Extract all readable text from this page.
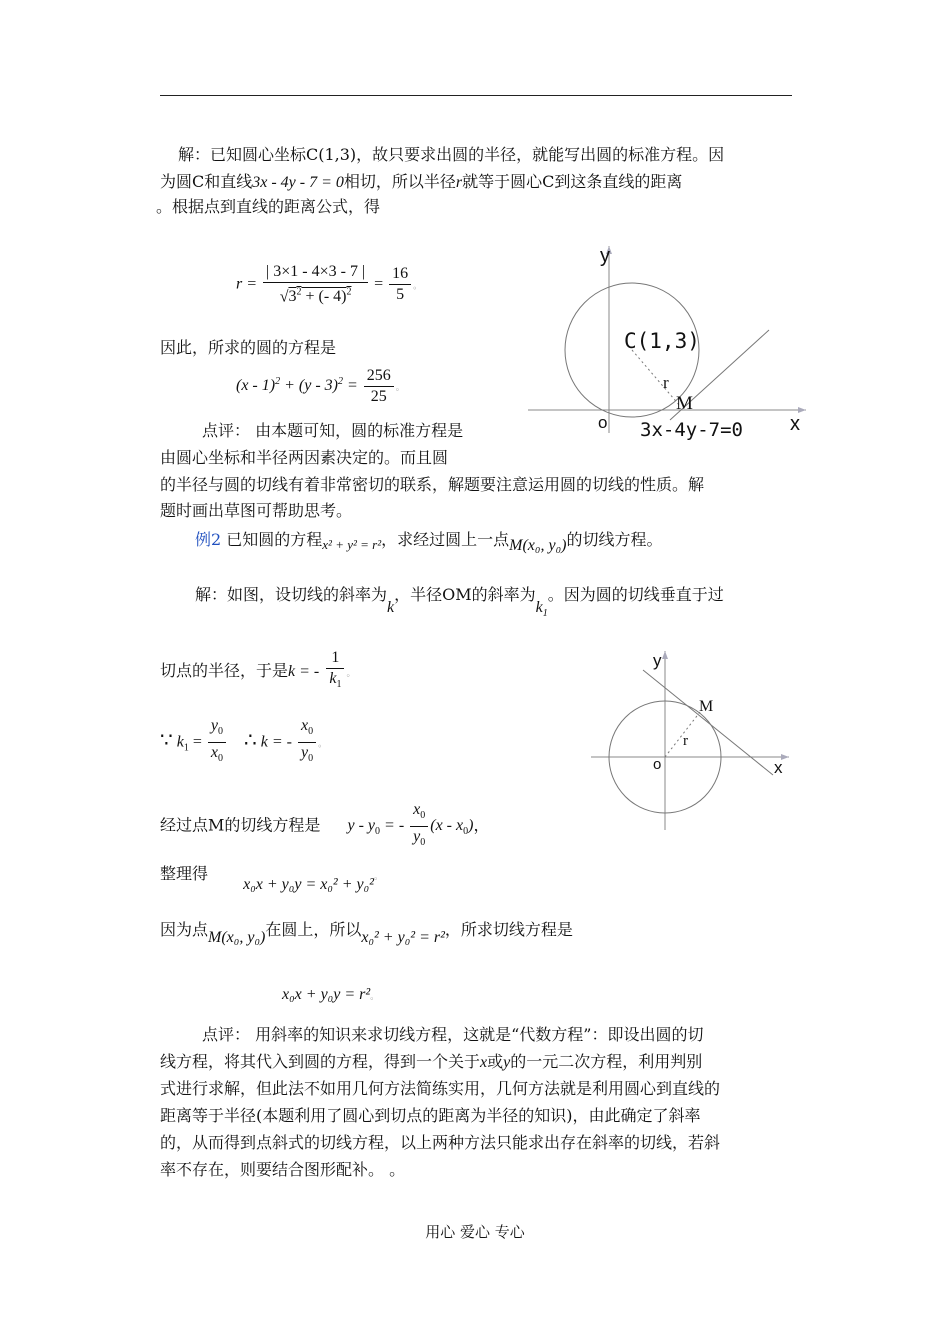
解：已知圆心坐标C(1,3)，故只要求出圆的半径，就能写出圆的标准方程。因
为圆C和直线3x - 4y - 7 = 0相切，所以半径r就等于圆心C到这条直线的距离
。根据点到直线的距离公式，得
$r = \frac{| 3\times 1 - 4\times 3 - 7 |}{√3^2 + (- 4)^2} = \frac{16}{5}$ 。
因此，所求的圆的方程是
$(x - 1)^2 + (y - 3)^2 = \frac{256}{25}$ 。
点评： 由本题可知，圆的标准方程是
由圆心坐标和半径两因素决定的。而且圆
的半径与圆的切线有着非常密切的联系，解题要注意运用圆的切线的性质。解
题时画出草图可帮助思考。
y
x
o
C(1,3)
r
M
3x-4y-7=0
例2 已知圆的方程$_{x^2 + y^2 = r^2}$，求经过圆上一点M(x₀, y₀)的切线方程。
解：如图，设切线的斜率为k，半径OM的斜率为$k_1$。因为圆的切线垂直于过
切点的半径，于是k = - $\frac{1}{k_1}$ 。
∵ $k_1 = \frac{y_0}{x_0}$ ∴ k = - $\frac{x_0}{y_0}$ 。
经过点M的切线方程是 y - $y_0$ = - $\frac{x_0}{y_0} (x - x_0)$，
整理得 x₀x + y₀y = x₀² + y₀²。
因为点M(x₀, y₀)在圆上，所以x₀² + y₀² = r²，所求切线方程是
x₀x + y₀y = r²。
点评： 用斜率的知识来求切线方程，这就是“代数方程”：即设出圆的切
线方程，将其代入到圆的方程，得到一个关于x或y的一元二次方程，利用判别
式进行求解，但此法不如用几何方法简练实用，几何方法就是利用圆心到直线的
距离等于半径(本题利用了圆心到切点的距离为半径的知识)，由此确定了斜率
的，从而得到点斜式的切线方程，以上两种方法只能求出存在斜率的切线，若斜
率不存在，则要结合图形配补。 。
y
x
o
M
r
用心 爱心 专心
